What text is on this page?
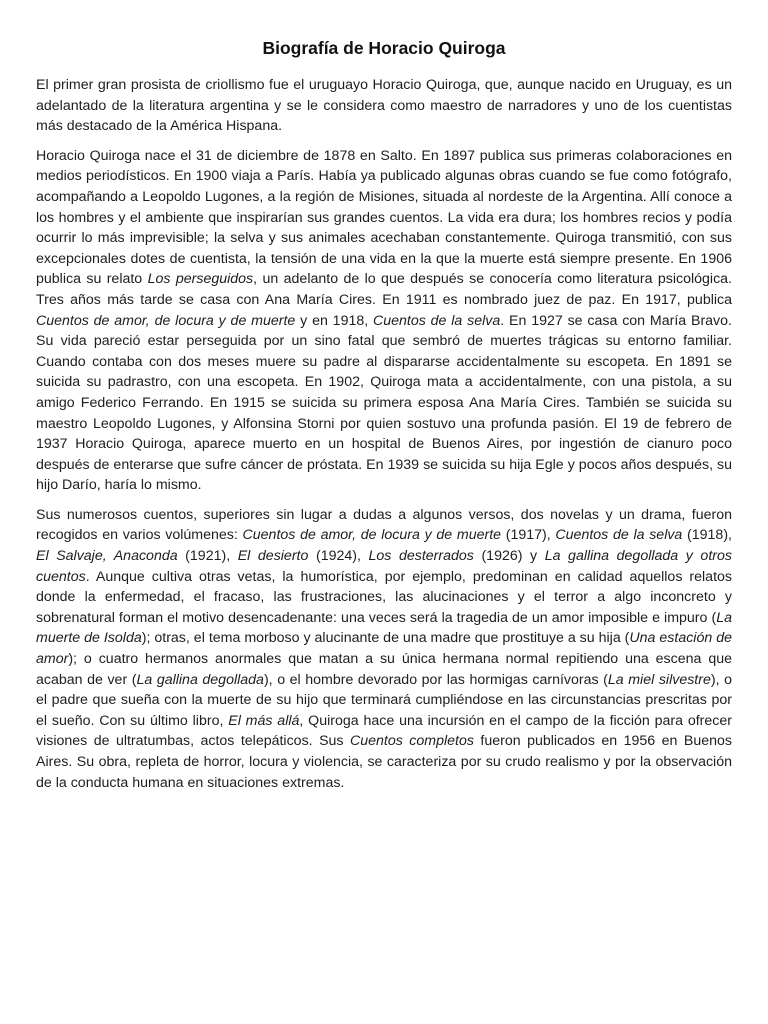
Biografía de Horacio Quiroga

El primer gran prosista de criollismo fue el uruguayo Horacio Quiroga, que, aunque nacido en Uruguay, es un adelantado de la literatura argentina y se le considera como maestro de narradores y uno de los cuentistas más destacado de la América Hispana.

Horacio Quiroga nace el 31 de diciembre de 1878 en Salto. En 1897 publica sus primeras colaboraciones en medios periodísticos. En 1900 viaja a París. Había ya publicado algunas obras cuando se fue como fotógrafo, acompañando a Leopoldo Lugones, a la región de Misiones, situada al nordeste de la Argentina. Allí conoce a los hombres y el ambiente que inspirarían sus grandes cuentos. La vida era dura; los hombres recios y podía ocurrir lo más imprevisible; la selva y sus animales acechaban constantemente. Quiroga transmitió, con sus excepcionales dotes de cuentista, la tensión de una vida en la que la muerte está siempre presente. En 1906 publica su relato Los perseguidos, un adelanto de lo que después se conocería como literatura psicológica. Tres años más tarde se casa con Ana María Cires. En 1911 es nombrado juez de paz. En 1917, publica Cuentos de amor, de locura y de muerte y en 1918, Cuentos de la selva. En 1927 se casa con María Bravo. Su vida pareció estar perseguida por un sino fatal que sembró de muertes trágicas su entorno familiar. Cuando contaba con dos meses muere su padre al dispararse accidentalmente su escopeta. En 1891 se suicida su padrastro, con una escopeta. En 1902, Quiroga mata a accidentalmente, con una pistola, a su amigo Federico Ferrando. En 1915 se suicida su primera esposa Ana María Cires. También se suicida su maestro Leopoldo Lugones, y Alfonsina Storni por quien sostuvo una profunda pasión. El 19 de febrero de 1937 Horacio Quiroga, aparece muerto en un hospital de Buenos Aires, por ingestión de cianuro poco después de enterarse que sufre cáncer de próstata. En 1939 se suicida su hija Egle y pocos años después, su hijo Darío, haría lo mismo.

Sus numerosos cuentos, superiores sin lugar a dudas a algunos versos, dos novelas y un drama, fueron recogidos en varios volúmenes: Cuentos de amor, de locura y de muerte (1917), Cuentos de la selva (1918), El Salvaje, Anaconda (1921), El desierto (1924), Los desterrados (1926) y La gallina degollada y otros cuentos. Aunque cultiva otras vetas, la humorística, por ejemplo, predominan en calidad aquellos relatos donde la enfermedad, el fracaso, las frustraciones, las alucinaciones y el terror a algo inconcreto y sobrenatural forman el motivo desencadenante: una veces será la tragedia de un amor imposible e impuro (La muerte de Isolda); otras, el tema morboso y alucinante de una madre que prostituye a su hija (Una estación de amor); o cuatro hermanos anormales que matan a su única hermana normal repitiendo una escena que acaban de ver (La gallina degollada), o el hombre devorado por las hormigas carnívoras (La miel silvestre), o el padre que sueña con la muerte de su hijo que terminará cumpliéndose en las circunstancias prescritas por el sueño. Con su último libro, El más allá, Quiroga hace una incursión en el campo de la ficción para ofrecer visiones de ultratumbas, actos telepáticos. Sus Cuentos completos fueron publicados en 1956 en Buenos Aires. Su obra, repleta de horror, locura y violencia, se caracteriza por su crudo realismo y por la observación de la conducta humana en situaciones extremas.
